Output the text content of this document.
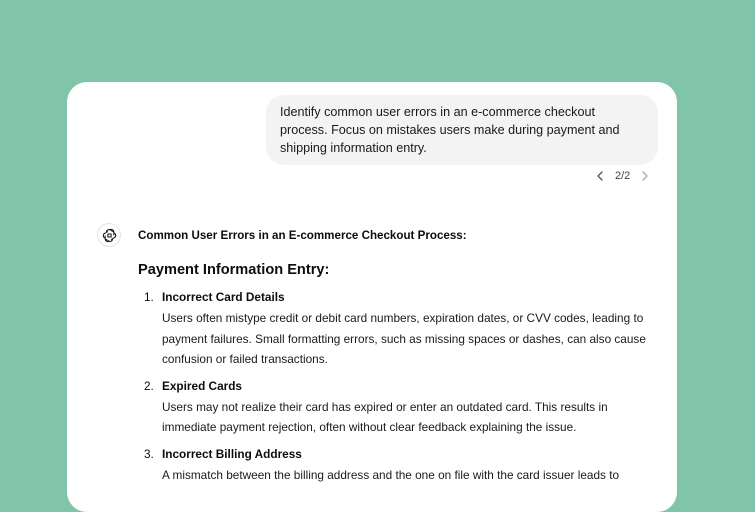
Identify common user errors in an e-commerce checkout process. Focus on mistakes users make during payment and shipping information entry.
2/2

Common User Errors in an E-commerce Checkout Process:

Payment Information Entry:
1. Incorrect Card Details
Users often mistype credit or debit card numbers, expiration dates, or CVV codes, leading to payment failures. Small formatting errors, such as missing spaces or dashes, can also cause confusion or failed transactions.
2. Expired Cards
Users may not realize their card has expired or enter an outdated card. This results in immediate payment rejection, often without clear feedback explaining the issue.
3. Incorrect Billing Address
A mismatch between the billing address and the one on file with the card issuer leads to
